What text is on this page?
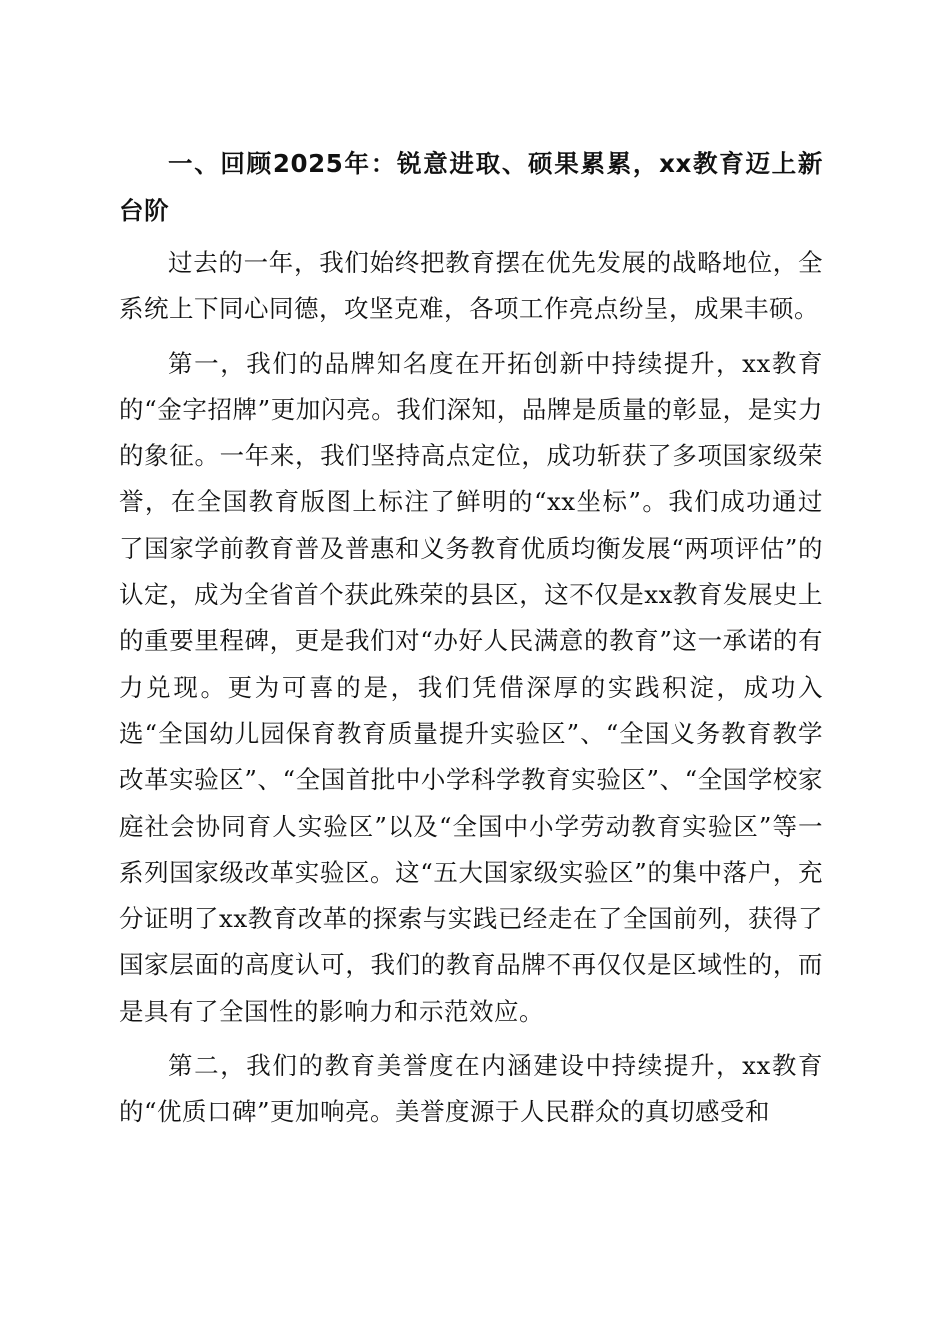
一、回顾2025年：锐意进取、硕果累累，xx教育迈上新台阶

过去的一年，我们始终把教育摆在优先发展的战略地位，全系统上下同心同德，攻坚克难，各项工作亮点纷呈，成果丰硕。

第一，我们的品牌知名度在开拓创新中持续提升，xx教育的“金字招牌”更加闪亮。我们深知，品牌是质量的彰显，是实力的象征。一年来，我们坚持高点定位，成功斩获了多项国家级荣誉，在全国教育版图上标注了鲜明的“xx坐标”。我们成功通过了国家学前教育普及普惠和义务教育优质均衡发展“两项评估”的认定，成为全省首个获此殊荣的县区，这不仅是xx教育发展史上的重要里程碑，更是我们对“办好人民满意的教育”这一承诺的有力兑现。更为可喜的是，我们凭借深厚的实践积淀，成功入选“全国幼儿园保育教育质量提升实验区”、“全国义务教育教学改革实验区”、“全国首批中小学科学教育实验区”、“全国学校家庭社会协同育人实验区”以及“全国中小学劳动教育实验区”等一系列国家级改革实验区。这“五大国家级实验区”的集中落户，充分证明了xx教育改革的探索与实践已经走在了全国前列，获得了国家层面的高度认可，我们的教育品牌不再仅仅是区域性的，而是具有了全国性的影响力和示范效应。

第二，我们的教育美誉度在内涵建设中持续提升，xx教育的“优质口碑”更加响亮。美誉度源于人民群众的真切感受和
